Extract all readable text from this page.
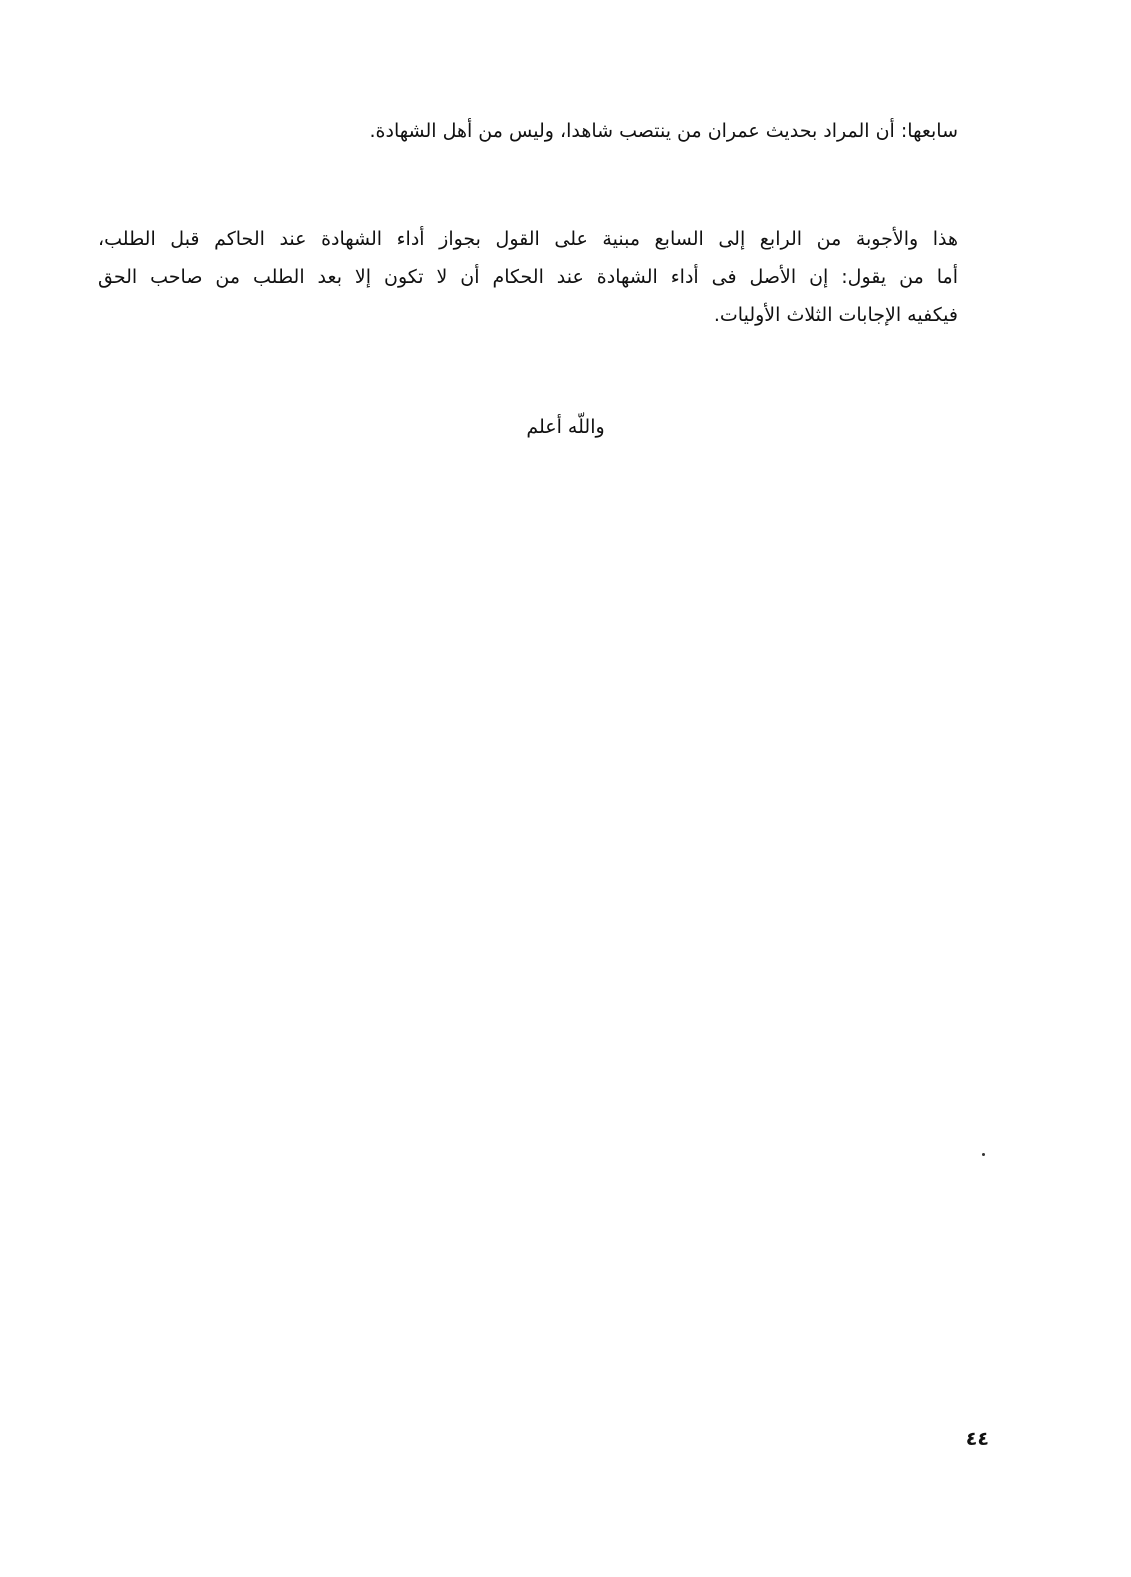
سابعها: أن المراد بحديث عمران من ينتصب شاهدا، وليس من أهل الشهادة.
هذا والأجوبة من الرابع إلى السابع مبنية على القول بجواز أداء الشهادة عند الحاكم قبل الطلب،
أما من يقول: إن الأصل فى أداء الشهادة عند الحكام أن لا تكون إلا بعد الطلب من صاحب الحق
فيكفيه الإجابات الثلاث الأوليات.
واللّه أعلم
٤٤
